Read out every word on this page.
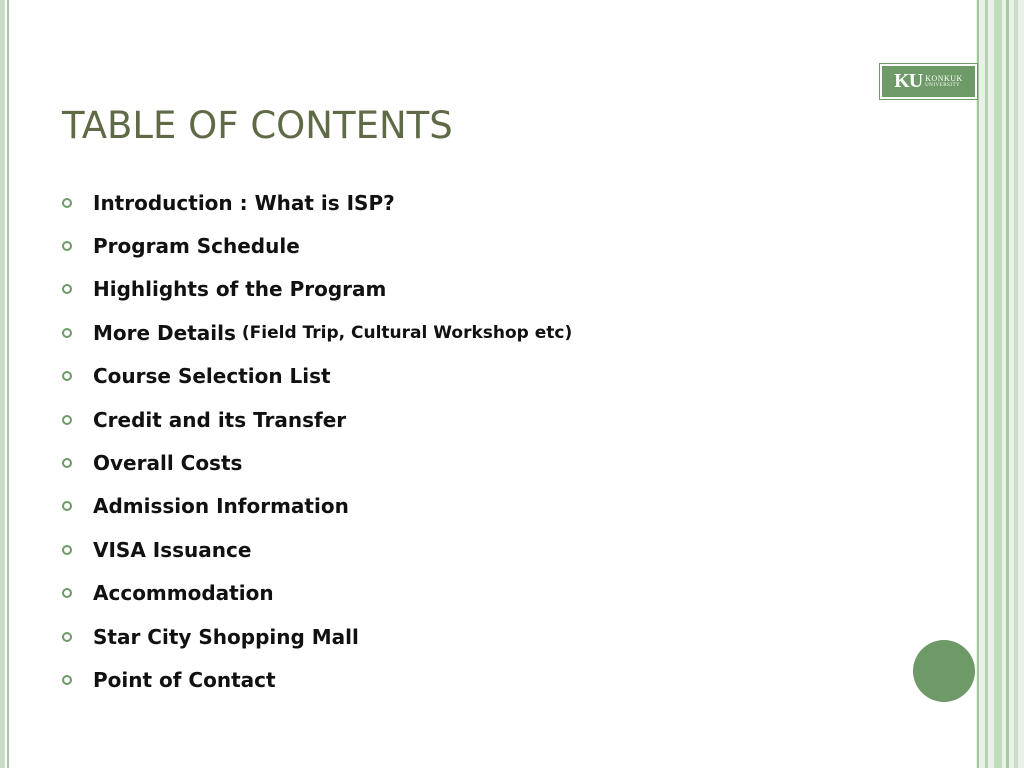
KU KONKUK
UNIVERSITY
TABLE OF CONTENTS
Introduction : What is ISP?
Program Schedule
Highlights of the Program
More Details (Field Trip, Cultural Workshop etc)
Course Selection List
Credit and its Transfer
Overall Costs
Admission Information
VISA Issuance
Accommodation
Star City Shopping Mall
Point of Contact
